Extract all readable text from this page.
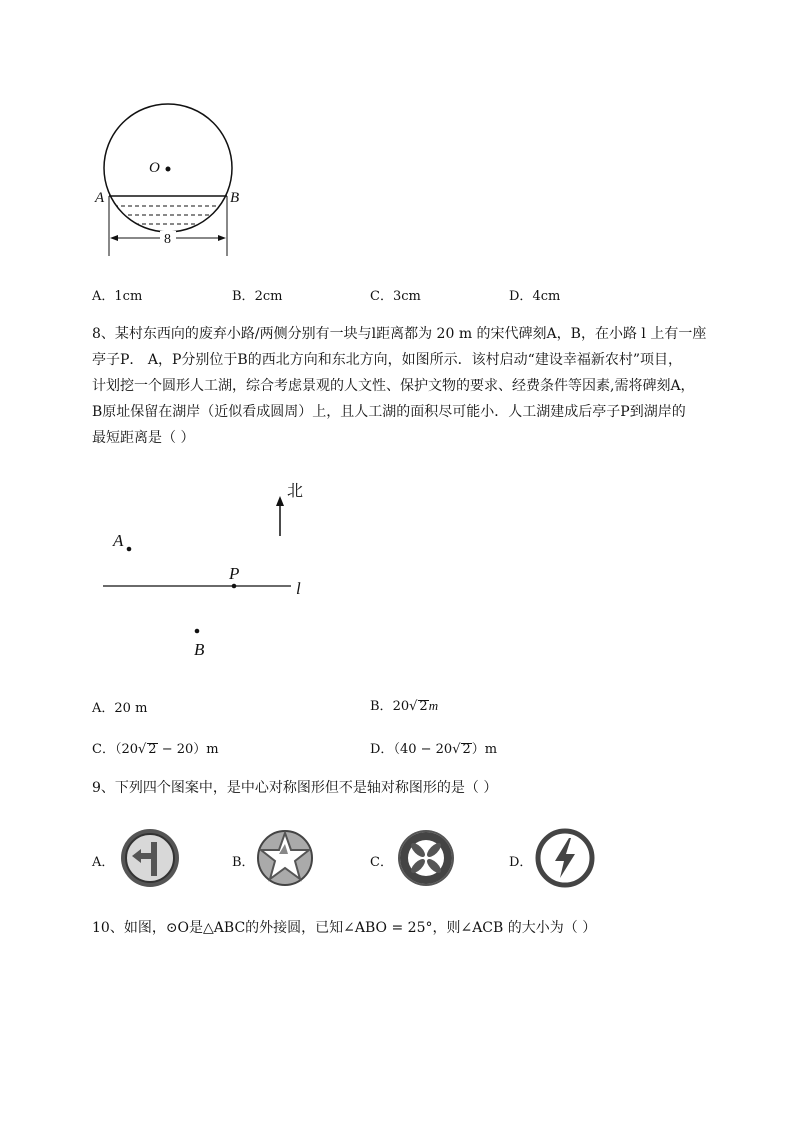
O
A	B
8
A．1cm	B．2cm	C．3cm	D．4cm
8、某村东西向的废弃小路/两侧分别有一块与l距离都为 20 m 的宋代碑刻A，B，在小路 l 上有一座
亭子P． A，P分别位于B的西北方向和东北方向，如图所示．该村启动“建设幸福新农村”项目，
计划挖一个圆形人工湖，综合考虑景观的人文性、保护文物的要求、经费条件等因素,需将碑刻A，
B原址保留在湖岸（近似看成圆周）上，且人工湖的面积尽可能小．人工湖建成后亭子P到湖岸的
最短距离是（ ）
北
A
P
B
l
A．20 m	B．20√ 2m
C．（20√ 2 − 20）m	D．（40 − 20√ 2）m
9、下列四个图案中，是中心对称图形但不是轴对称图形的是（ ）
A．	B．	C．	D．
10、如图，⊙O是△ABC的外接圆，已知∠ABO = 25°，则∠ACB 的大小为（ ）
